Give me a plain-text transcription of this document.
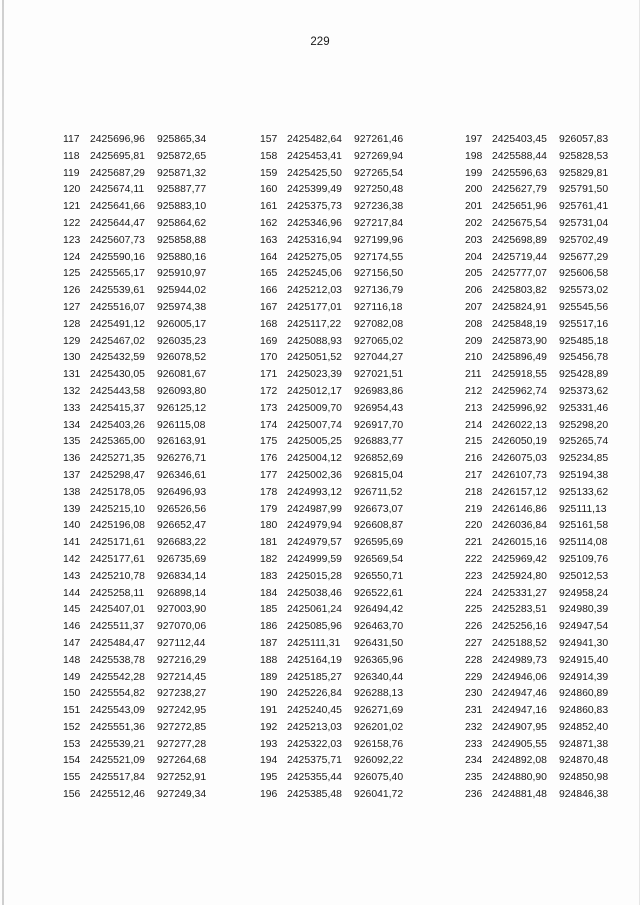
229
117	2425696,96	925865,34
118	2425695,81	925872,65
119	2425687,29	925871,32
120 2425674,11	925887,77
121 2425641,66	925883,10
122 2425644,47	925864,62
123 2425607,73	925858,88
124 2425590,16	925880,16
125 2425565,17	925910,97
126 2425539,61	925944,02
127 2425516,07	925974,38
128 2425491,12	926005,17
129 2425467,02	926035,23
130 2425432,59	926078,52
131 2425430,05	926081,67
132 2425443,58	926093,80
133 2425415,37	926125,12
134 2425403,26	926115,08
135 2425365,00	926163,91
136 2425271,35	926276,71
137 2425298,47	926346,61
138 2425178,05	926496,93
139 2425215,10	926526,56
140 2425196,08	926652,47
141 2425171,61	926683,22
142 2425177,61	926735,69
143 2425210,78	926834,14
144 2425258,11	926898,14
145 2425407,01	927003,90
146 2425511,37	927070,06
147 2425484,47	927112,44
148 2425538,78	927216,29
149 2425542,28	927214,45
150 2425554,82	927238,27
151 2425543,09	927242,95
152 2425551,36	927272,85
153 2425539,21	927277,28
154 2425521,09	927264,68
155 2425517,84	927252,91
156 2425512,46	927249,34
157 2425482,64	927261,46
158 2425453,41	927269,94
159 2425425,50	927265,54
160 2425399,49	927250,48
161 2425375,73	927236,38
162 2425346,96	927217,84
163 2425316,94	927199,96
164 2425275,05	927174,55
165 2425245,06	927156,50
166 2425212,03	927136,79
167 2425177,01	927116,18
168 2425117,22	927082,08
169 2425088,93	927065,02
170 2425051,52	927044,27
171 2425023,39	927021,51
172 2425012,17	926983,86
173 2425009,70	926954,43
174 2425007,74	926917,70
175 2425005,25	926883,77
176 2425004,12	926852,69
177 2425002,36	926815,04
178 2424993,12	926711,52
179 2424987,99	926673,07
180 2424979,94	926608,87
181 2424979,57	926595,69
182 2424999,59	926569,54
183 2425015,28	926550,71
184 2425038,46	926522,61
185 2425061,24	926494,42
186 2425085,96	926463,70
187 2425111,31	926431,50
188 2425164,19	926365,96
189 2425185,27	926340,44
190 2425226,84	926288,13
191 2425240,45	926271,69
192 2425213,03	926201,02
193 2425322,03	926158,76
194 2425375,71	926092,22
195 2425355,44	926075,40
196 2425385,48	926041,72
197 2425403,45	926057,83
198 2425588,44	925828,53
199 2425596,63	925829,81
200 2425627,79	925791,50
201 2425651,96	925761,41
202 2425675,54	925731,04
203 2425698,89	925702,49
204 2425719,44	925677,29
205 2425777,07	925606,58
206 2425803,82	925573,02
207 2425824,91	925545,56
208 2425848,19	925517,16
209 2425873,90	925485,18
210 2425896,49	925456,78
211	2425918,55	925428,89
212 2425962,74	925373,62
213 2425996,92	925331,46
214 2426022,13	925298,20
215 2426050,19	925265,74
216 2426075,03	925234,85
217 2426107,73	925194,38
218 2426157,12	925133,62
219 2426146,86	925111,13
220 2426036,84	925161,58
221 2426015,16	925114,08
222 2425969,42	925109,76
223 2425924,80	925012,53
224 2425331,27	924958,24
225 2425283,51	924980,39
226 2425256,16	924947,54
227 2425188,52	924941,30
228 2424989,73	924915,40
229 2424946,06	924914,39
230 2424947,46	924860,89
231 2424947,16	924860,83
232 2424907,95	924852,40
233 2424905,55	924871,38
234 2424892,08	924870,48
235 2424880,90	924850,98
236 2424881,48	924846,38
